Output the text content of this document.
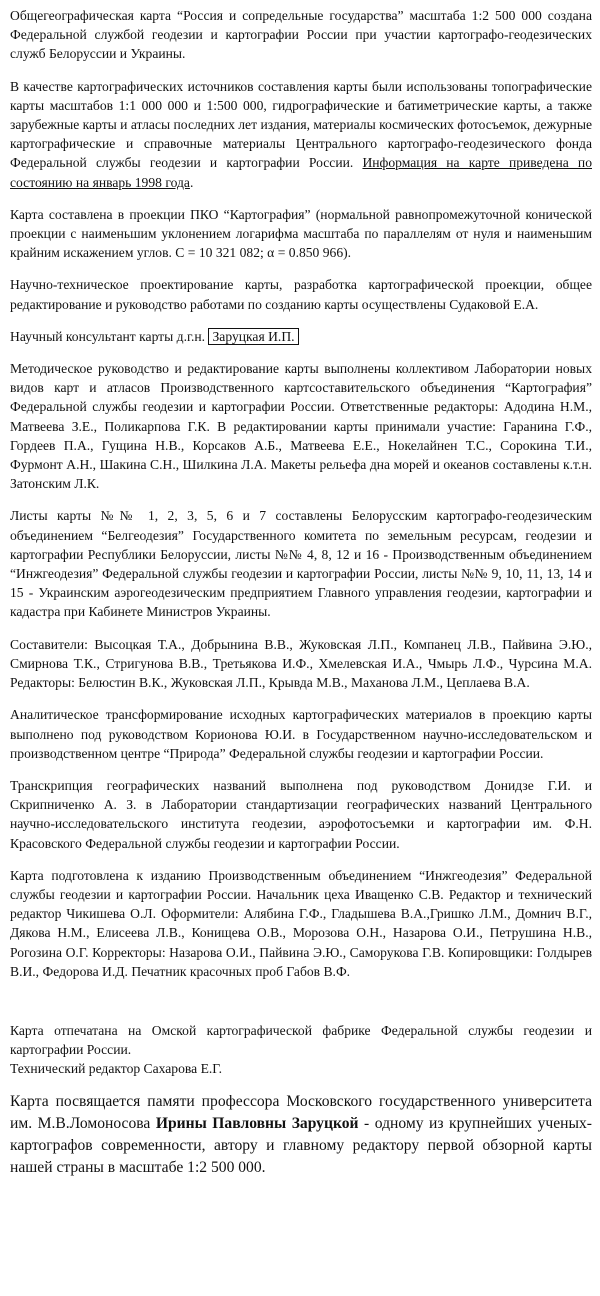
Общегеографическая карта “Россия и сопредельные государства” масштаба 1:2 500 000 создана Федеральной службой геодезии и картографии России при участии картографо-геодезических служб Белоруссии и Украины.

В качестве картографических источников составления карты были использованы топографические карты масштабов 1:1 000 000 и 1:500 000, гидрографические и батиметрические карты, а также зарубежные карты и атласы последних лет издания, материалы космических фотосъемок, дежурные картографические и справочные материалы Центрального картографо-геодезического фонда Федеральной службы геодезии и картографии России. Информация на карте приведена по состоянию на январь 1998 года.

Карта составлена в проекции ПКО “Картография” (нормальной равнопромежуточной конической проекции с наименьшим уклонением логарифма масштаба по параллелям от нуля и наименьшим крайним искажением углов. C = 10 321 082; α = 0.850 966).

Научно-техническое проектирование карты, разработка картографической проекции, общее редактирование и руководство работами по созданию карты осуществлены Судаковой Е.А.

Научный консультант карты д.г.н. Заруцкая И.П.

Методическое руководство и редактирование карты выполнены коллективом Лаборатории новых видов карт и атласов Производственного картсоставительского объединения “Картография” Федеральной службы геодезии и картографии России. Ответственные редакторы: Адодина Н.М., Матвеева З.Е., Поликарпова Г.К. В редактировании карты принимали участие: Гаранина Г.Ф., Гордеев П.А., Гущина Н.В., Корсаков А.Б., Матвеева Е.Е., Нокелайнен Т.С., Сорокина Т.И., Фурмонт А.Н., Шакина С.Н., Шилкина Л.А. Макеты рельефа дна морей и океанов составлены к.т.н. Затонским Л.К.

Листы карты №№ 1, 2, 3, 5, 6 и 7 составлены Белорусским картографо-геодезическим объединением “Белгеодезия” Государственного комитета по земельным ресурсам, геодезии и картографии Республики Белоруссии, листы №№ 4, 8, 12 и 16 - Производственным объединением “Инжгеодезия” Федеральной службы геодезии и картографии России, листы №№ 9, 10, 11, 13, 14 и 15 - Украинским аэрогеодезическим предприятием Главного управления геодезии, картографии и кадастра при Кабинете Министров Украины.

Составители: Высоцкая Т.А., Добрынина В.В., Жуковская Л.П., Компанец Л.В., Пайвина Э.Ю., Смирнова Т.К., Стригунова В.В., Третьякова И.Ф., Хмелевская И.А., Чмырь Л.Ф., Чурсина М.А. Редакторы: Белюстин В.К., Жуковская Л.П., Крывда М.В., Маханова Л.М., Цеплаева В.А.

Аналитическое трансформирование исходных картографических материалов в проекцию карты выполнено под руководством Корионова Ю.И. в Государственном научно-исследовательском и производственном центре “Природа” Федеральной службы геодезии и картографии России.

Транскрипция географических названий выполнена под руководством Донидзе Г.И. и Скрипниченко А. З. в Лаборатории стандартизации географических названий Центрального научно-исследовательского института геодезии, аэрофотосъемки и картографии им. Ф.Н. Красовского Федеральной службы геодезии и картографии России.

Карта подготовлена к изданию Производственным объединением “Инжгеодезия” Федеральной службы геодезии и картографии России. Начальник цеха Иващенко С.В. Редактор и технический редактор Чикишева О.Л. Оформители: Алябина Г.Ф., Гладышева В.А.,Гришко Л.М., Домнич В.Г., Дякова Н.М., Елисеева Л.В., Конищева О.В., Морозова О.Н., Назарова О.И., Петрушина Н.В., Рогозина О.Г. Корректоры: Назарова О.И., Пайвина Э.Ю., Саморукова Г.В. Копировщики: Голдырев В.И., Федорова И.Д. Печатник красочных проб Габов В.Ф.

Карта отпечатана на Омской картографической фабрике Федеральной службы геодезии и картографии России.

Технический редактор Сахарова Е.Г.

Карта посвящается памяти профессора Московского государственного университета им. М.В.Ломоносова Ирины Павловны Заруцкой - одному из крупнейших ученых-картографов современности, автору и главному редактору первой обзорной карты нашей страны в масштабе 1:2 500 000.
